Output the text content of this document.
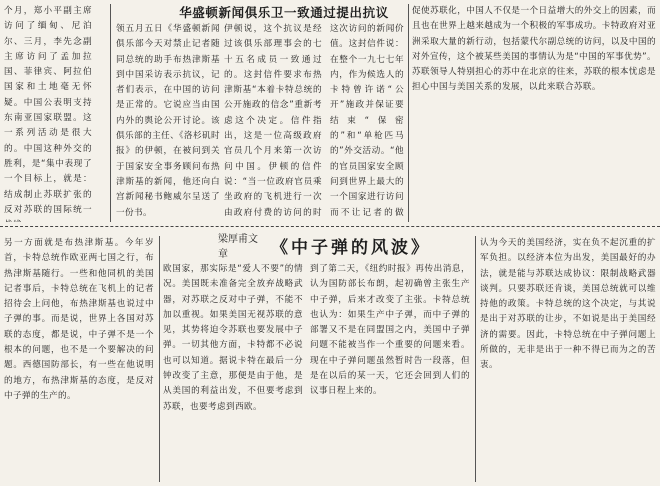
个月，郑小平副主席访问了缅甸、尼泊尔、三月，李先念副主席访问了孟加拉国、菲律宾、阿拉伯国家和土地毫无怀疑。中国公表明支持东南亚国家联盟。这一系列活动是很大的。中国这种外交的胜利，是“集中表现了一个目标上，就是：结成制止苏联扩张的反对苏联的国际统一
华盛顿新闻俱乐卫一致通过提出抗议
领五月五日《华盛顿新闻俱乐部今天对禁止记者随同总统的助手布热津斯基到中国采访表示抗议，记者们表示，在中国的访问是正常的。它说应当由国内外的舆论公开讨论。该俱乐部的主任、《洛杉矶时报》的伊顿，在被问到关于国家安全事务顾问布热津斯基的新闻，他还向白宫新闻秘书鲍威尔呈送了一份书。
伊顿说，这个抗议是经过该俱乐部理事会的七十五名成员一致通过的。这封信件要求布热津斯基“本着卡特总统的公开施政的信念”重新考虑这个决定。信件指出，这是一位高级政府官员几个月来第一次访问中国。伊顿的信件说：“当一位政府官员乘坐政府的飞机进行一次由政府付费的访问的时
这次访问的新闻价值。这封信件说：在整个一九七七年内，作为候选人的卡特曾许诺“公开”施政并保证要结束“保密的”和“单枪匹马的”外交活动。“他的官员国家安全顾问到世界上最大的一个国家进行访问而不让记者的做
促使苏联化，中国人不仅是一个日益增大的外交上的因素，而且也在世界上越来越成为一个积极的军事成功。卡特政府对亚洲采取大量的新行动，包括蒙代尔副总统的访问，以及中国的对外宣传，这个被某些美国的事情认为是“中国的军事优势”。苏联领导人特别担心的苏中在北京的往来，苏联的根本忧虑是担心中国与美国关系的发展，以此来联合苏联。
梁厚甫文章	《中子弹的风波》
另一方面就是布热津斯基。今年岁首，卡特总统作欧亚两七国之行，布热津斯基随行。一些和他同机的美国记者事后，卡特总统在飞机上的记者招待会上问他，布热津斯基也说过中子弹的事。而是说，世界上各国对苏联的态度，都是说，中子弹不是一个根本的问题，也不是一个要解决的问题。西德国防部长，有一些在他说明的地方，布热津斯基的态度，是反对中子弹的生产的。
欧国家，那实际是“爱人不要”的情况。美国既未准备完全放弃战略武器，对苏联之反对中子弹，不能不加以重视。如果美国无视苏联的意见，其势将迫令苏联也要发展中子弹。一切其他方面，卡特都不必说也可以知道。据说卡特在最后一分钟改变了主意，那便是由于他，是从美国的利益出发，不但要考虑到苏联，也要考虑到西欧。
到了第二天，《纽约时报》再传出消息，认为国防部长布朗，起初确曾主张生产中子弹，后来才改变了主张。卡特总统也认为：如果生产中子弹，而中子弹的部署又不是在同盟国之内，美国中子弹问题不能被当作一个重要的问题来看。现在中子弹问题虽然暂时告一段落，但是在以后的某一天，它还会回到人们的议事日程上来的。
认为今天的美国经济，实在负不起沉重的扩军负担。以经济本位为出发，美国最好的办法，就是能与苏联达成协议：限制战略武器谈判。只要苏联还肯谈，美国总统就可以维持他的政策。卡特总统的这个决定，与其说是出于对苏联的让步，不如说是出于美国经济的需要。因此，卡特总统在中子弹问题上所做的，无非是出于一种不得已而为之的苦衷。
